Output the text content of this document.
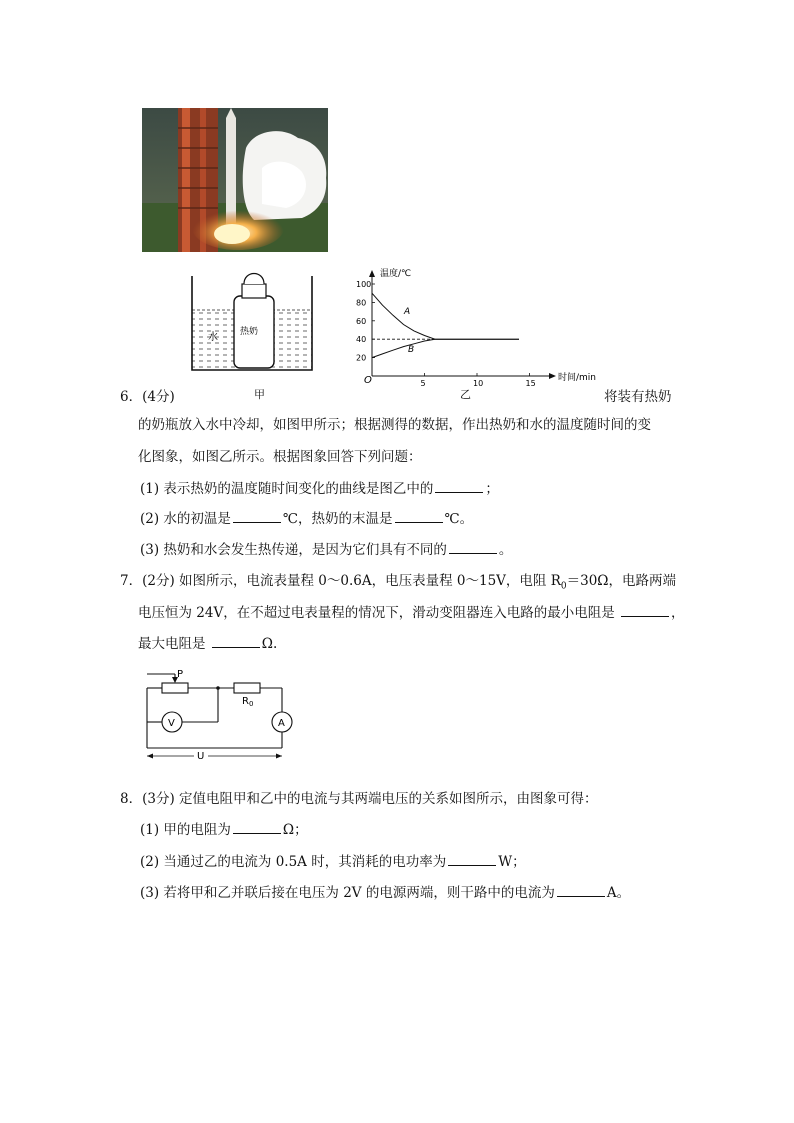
水 热奶
甲
温度/℃
时间/min
O
100
80
60
40
20
5	10	15
A
B
乙
6．(4分)	将装有热奶
的奶瓶放入水中冷却，如图甲所示；根据测得的数据，作出热奶和水的温度随时间的变
化图象，如图乙所示。根据图象回答下列问题：
(1) 表示热奶的温度随时间变化的曲线是图乙中的	；
(2) 水的初温是	℃，热奶的末温是	℃。
(3) 热奶和水会发生热传递，是因为它们具有不同的	。
7．(2分) 如图所示，电流表量程 0～0.6A，电压表量程 0～15V，电阻 $R_0=30\Omega$，电路两端
电压恒为 24V，在不超过电表量程的情况下，滑动变阻器连入电路的最小电阻是	，
最大电阻是	Ω.
P
R 0
V	A
U
8．(3分) 定值电阻甲和乙中的电流与其两端电压的关系如图所示，由图象可得：
(1) 甲的电阻为	Ω；
(2) 当通过乙的电流为 0.5A 时，其消耗的电功率为	W；
(3) 若将甲和乙并联后接在电压为 2V 的电源两端，则干路中的电流为	A。
